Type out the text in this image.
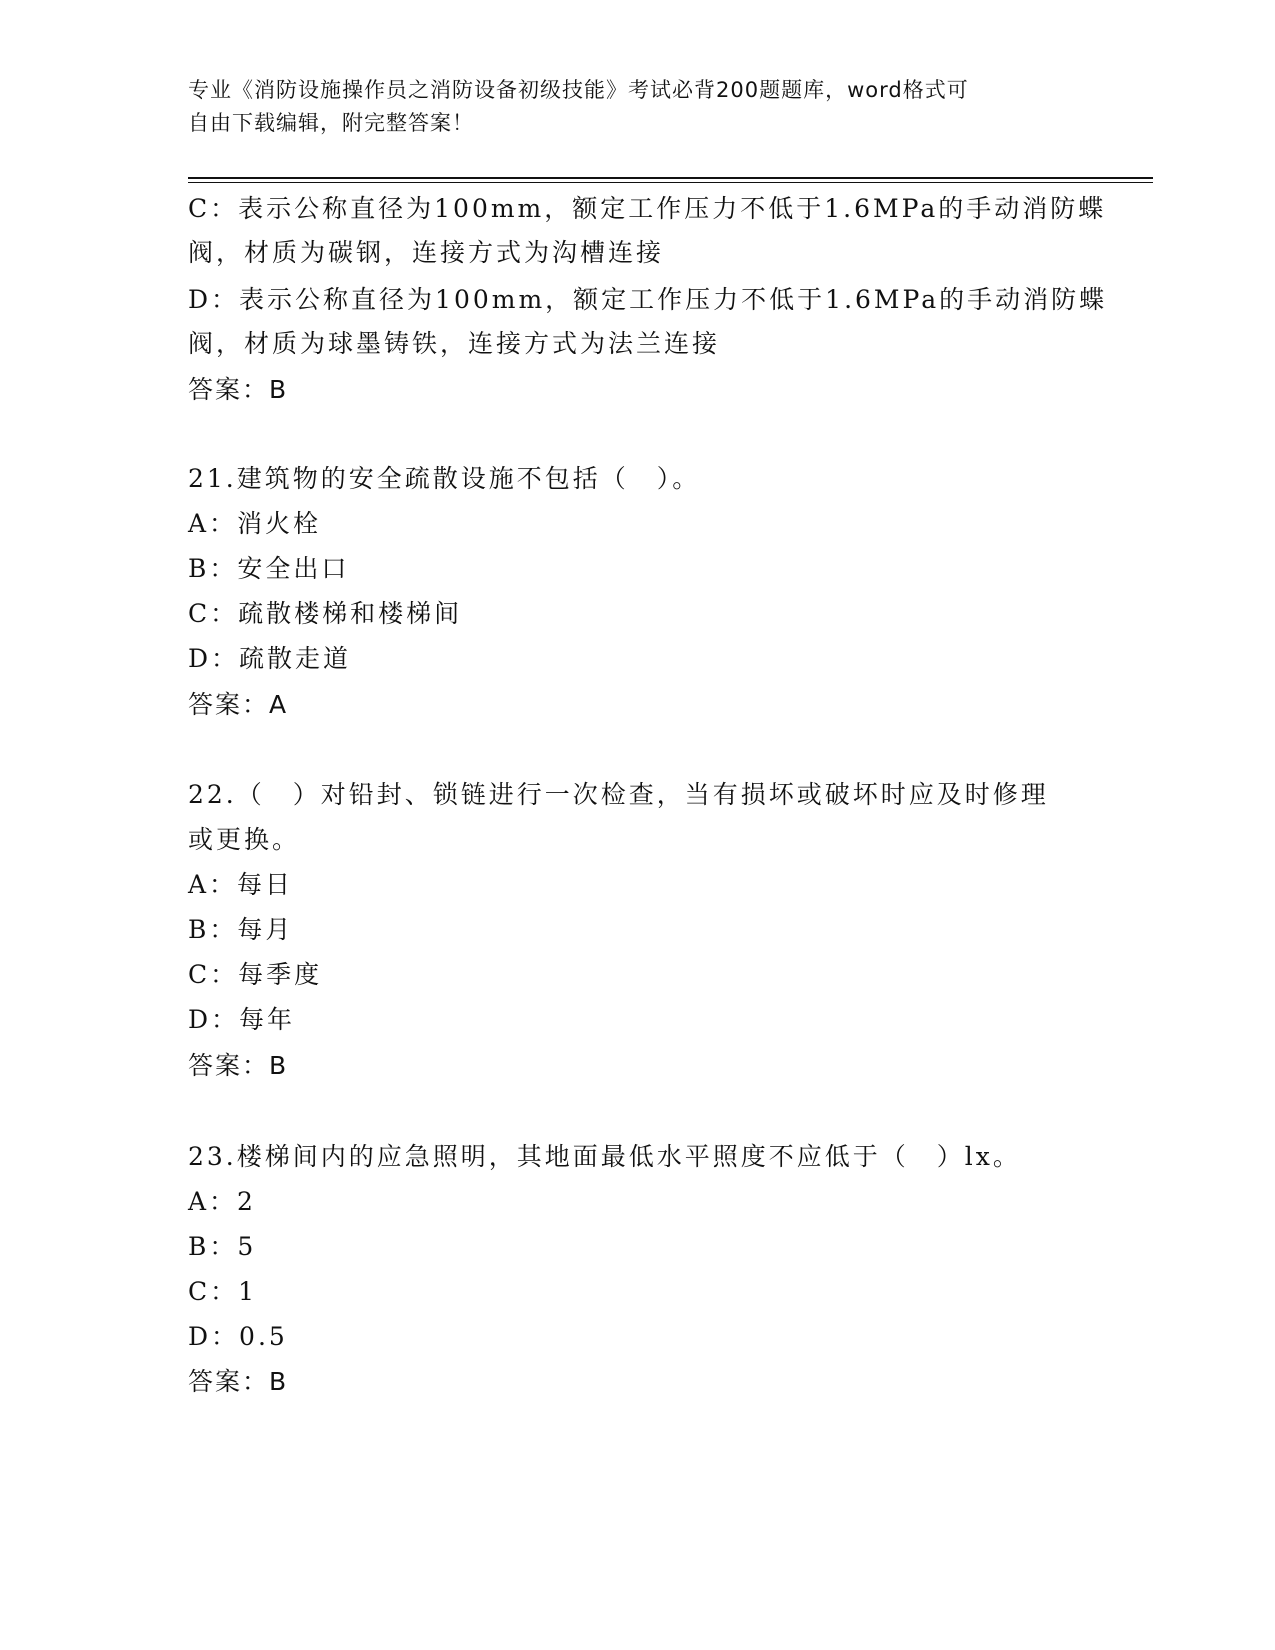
专业《消防设施操作员之消防设备初级技能》考试必背200题题库，word格式可
自由下载编辑，附完整答案！
C：表示公称直径为100mm，额定工作压力不低于1.6MPa的手动消防蝶
阀，材质为碳钢，连接方式为沟槽连接
D：表示公称直径为100mm，额定工作压力不低于1.6MPa的手动消防蝶
阀，材质为球墨铸铁，连接方式为法兰连接
答案：B
21.建筑物的安全疏散设施不包括（　）。
A：消火栓
B：安全出口
C：疏散楼梯和楼梯间
D：疏散走道
答案：A
22.（　）对铅封、锁链进行一次检查，当有损坏或破坏时应及时修理
或更换。
A：每日
B：每月
C：每季度
D：每年
答案：B
23.楼梯间内的应急照明，其地面最低水平照度不应低于（　）lx。
A：2
B：5
C：1
D：0.5
答案：B
